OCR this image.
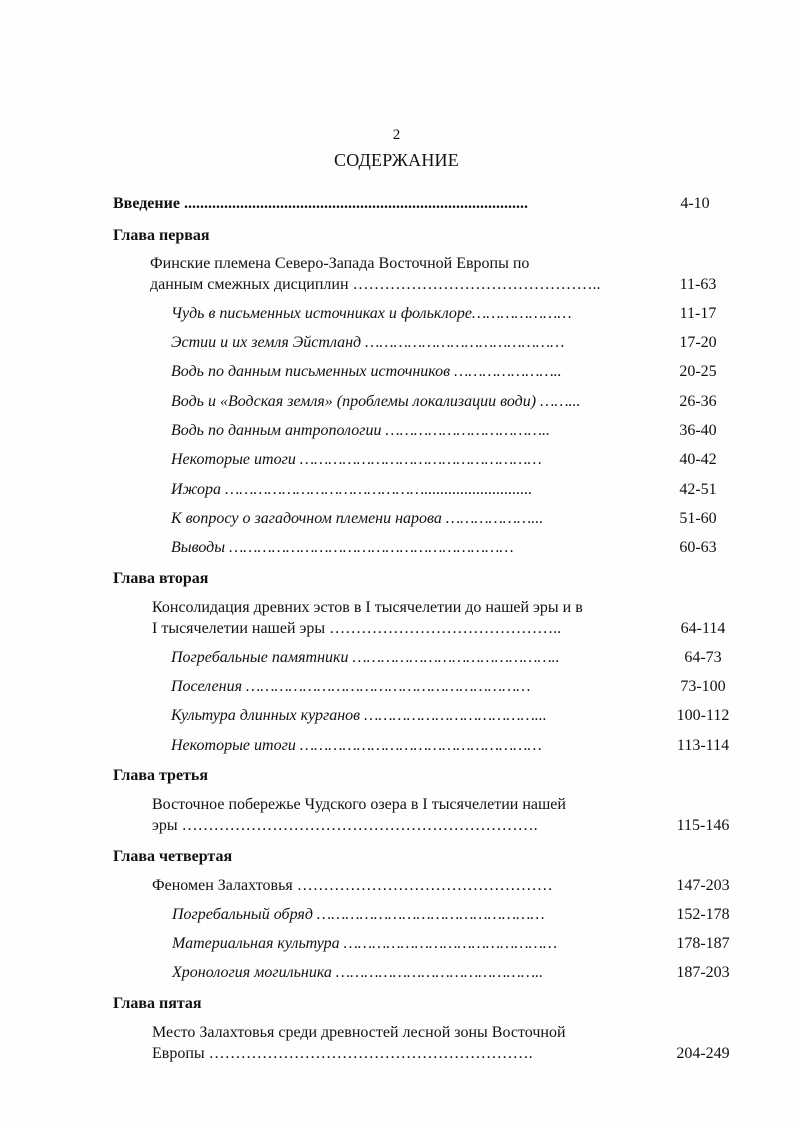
2
СОДЕРЖАНИЕ
Введение ......................................................................................	4-10
Глава первая
Финские племена Северо-Запада Восточной Европы по
данным смежных дисциплин ………………………………………..	11-63
Чудь в письменных источниках и фольклоре…………………	11-17
Эстии и их земля Эйстланд ……………………………………	17-20
Водь по данным письменных источников …………………..	20-25
Водь и «Водская земля» (проблемы локализации води) ……...	26-36
Водь по данным антропологии ……………………………..	36-40
Некоторые итоги ……………………………………………	40-42
Ижора ……………………………………...........................	42-51
К вопросу о загадочном племени нарова ………………...	51-60
Выводы ……………………………………………………	60-63
Глава вторая
Консолидация древних эстов в I тысячелетии до нашей эры и в
I тысячелетии нашей эры ……………………………………..	64-114
Погребальные памятники ……………………………………..	64-73
Поселения ……………………………………………………	73-100
Культура длинных курганов ………………………………...	100-112
Некоторые итоги ……………………………………………	113-114
Глава третья
Восточное побережье Чудского озера в I тысячелетии нашей
эры ………………………………………………………….	115-146
Глава четвертая
Феномен Залахтовья …………………………………………	147-203
Погребальный обряд …………………………………………	152-178
Материальная культура ………………………………………	178-187
Хронология могильника ……………………………………..	187-203
Глава пятая
Место Залахтовья среди древностей лесной зоны Восточной
Европы …………………………………………………….	204-249
